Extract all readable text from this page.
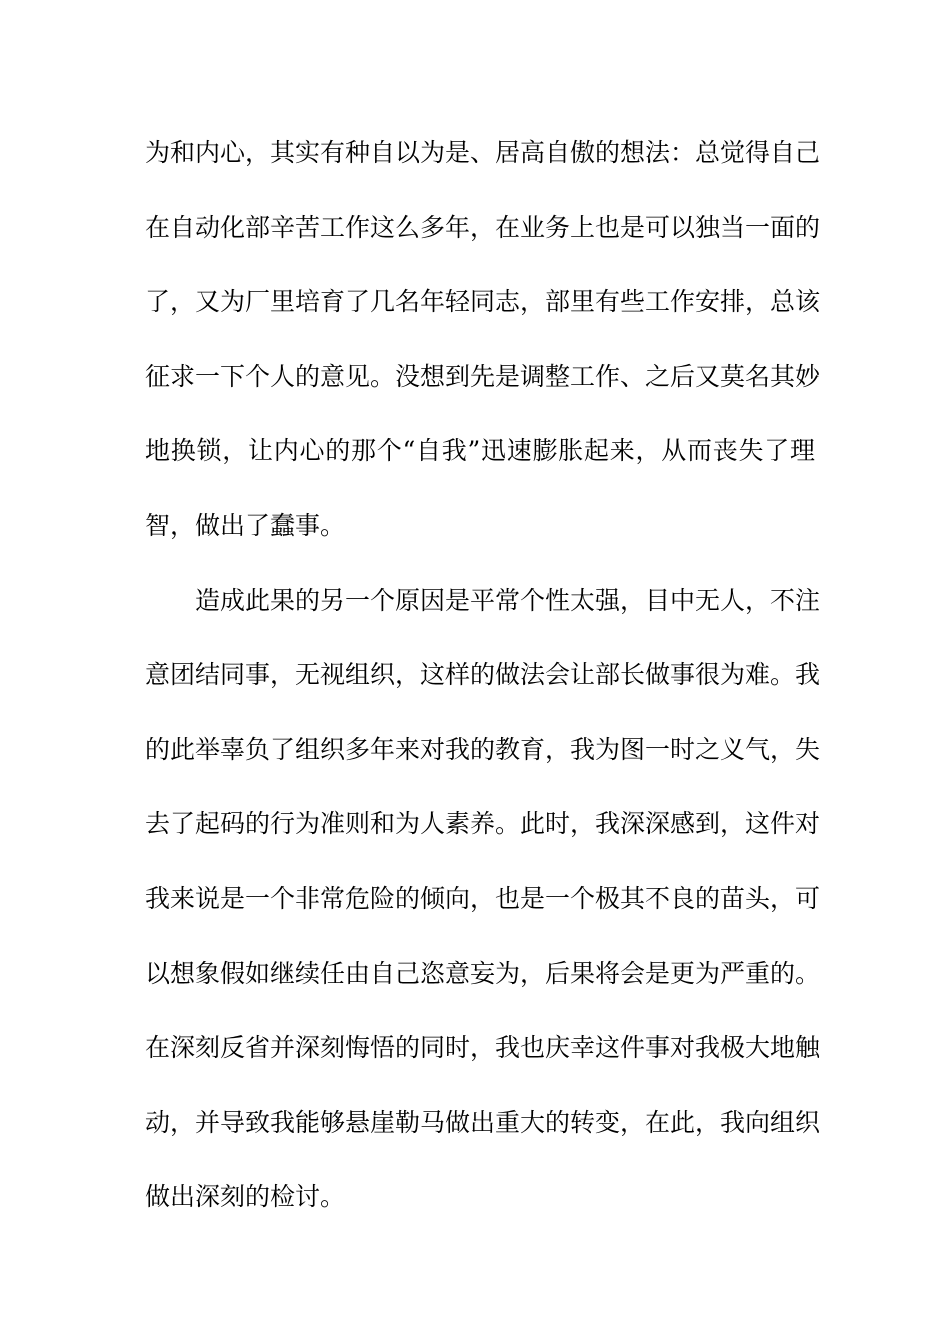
为和内心，其实有种自以为是、居高自傲的想法：总觉得自己
在自动化部辛苦工作这么多年，在业务上也是可以独当一面的
了，又为厂里培育了几名年轻同志，部里有些工作安排，总该
征求一下个人的意见。没想到先是调整工作、之后又莫名其妙
地换锁，让内心的那个“自我”迅速膨胀起来，从而丧失了理
智，做出了蠢事。
造成此果的另一个原因是平常个性太强，目中无人，不注
意团结同事，无视组织，这样的做法会让部长做事很为难。我
的此举辜负了组织多年来对我的教育，我为图一时之义气，失
去了起码的行为准则和为人素养。此时，我深深感到，这件对
我来说是一个非常危险的倾向，也是一个极其不良的苗头，可
以想象假如继续任由自己恣意妄为，后果将会是更为严重的。
在深刻反省并深刻悔悟的同时，我也庆幸这件事对我极大地触
动，并导致我能够悬崖勒马做出重大的转变，在此，我向组织
做出深刻的检讨。
